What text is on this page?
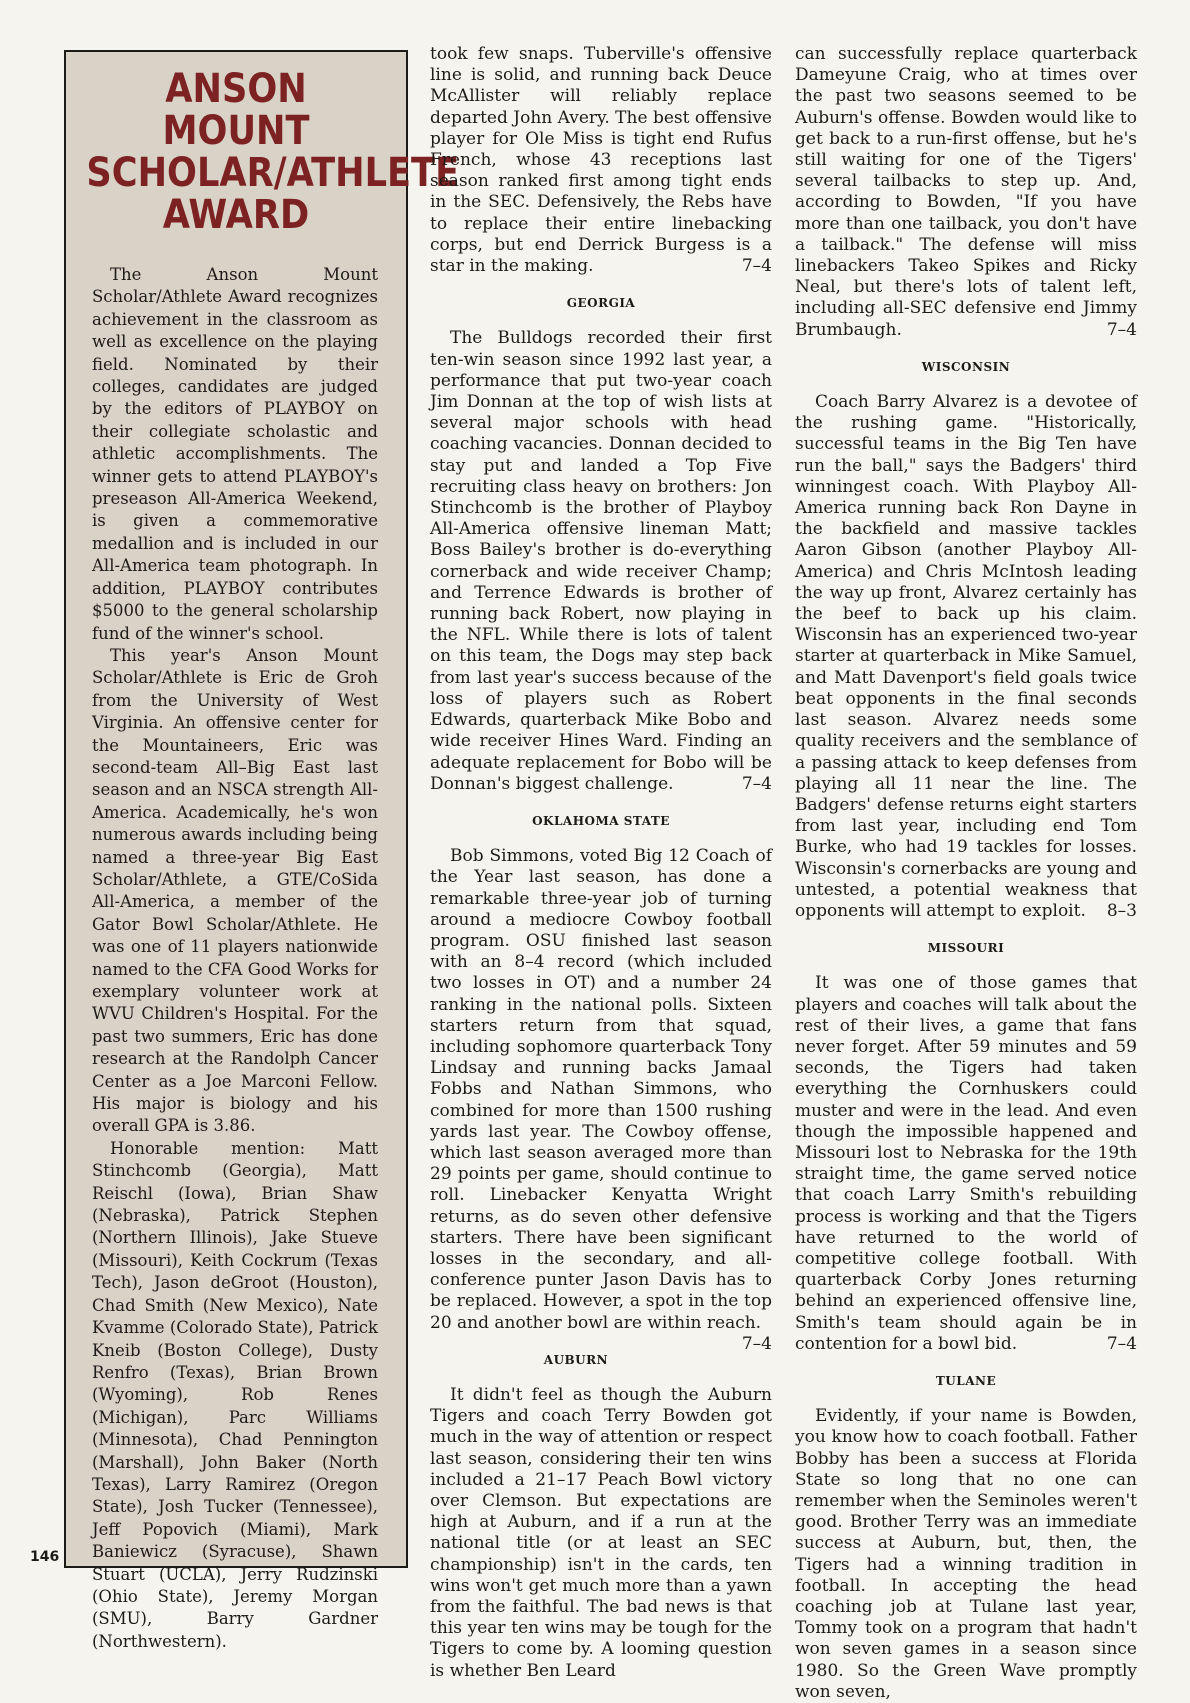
ANSON MOUNT
SCHOLAR/ATHLETE
AWARD

The Anson Mount Scholar/Athlete Award recognizes achievement in the classroom as well as excellence on the playing field. Nominated by their colleges, candidates are judged by the editors of PLAYBOY on their collegiate scholastic and athletic accomplishments. The winner gets to attend PLAYBOY's preseason All-America Weekend, is given a commemorative medallion and is included in our All-America team photograph. In addition, PLAYBOY contributes $5000 to the general scholarship fund of the winner's school.

This year's Anson Mount Scholar/Athlete is Eric de Groh from the University of West Virginia. An offensive center for the Mountaineers, Eric was second-team All–Big East last season and an NSCA strength All-America. Academically, he's won numerous awards including being named a three-year Big East Scholar/Athlete, a GTE/CoSida All-America, a member of the Gator Bowl Scholar/Athlete. He was one of 11 players nationwide named to the CFA Good Works for exemplary volunteer work at WVU Children's Hospital. For the past two summers, Eric has done research at the Randolph Cancer Center as a Joe Marconi Fellow. His major is biology and his overall GPA is 3.86.

Honorable mention: Matt Stinchcomb (Georgia), Matt Reischl (Iowa), Brian Shaw (Nebraska), Patrick Stephen (Northern Illinois), Jake Stueve (Missouri), Keith Cockrum (Texas Tech), Jason deGroot (Houston), Chad Smith (New Mexico), Nate Kvamme (Colorado State), Patrick Kneib (Boston College), Dusty Renfro (Texas), Brian Brown (Wyoming), Rob Renes (Michigan), Parc Williams (Minnesota), Chad Pennington (Marshall), John Baker (North Texas), Larry Ramirez (Oregon State), Josh Tucker (Tennessee), Jeff Popovich (Miami), Mark Baniewicz (Syracuse), Shawn Stuart (UCLA), Jerry Rudzinski (Ohio State), Jeremy Morgan (SMU), Barry Gardner (Northwestern).

146

took few snaps. Tuberville's offensive line is solid, and running back Deuce McAllister will reliably replace departed John Avery. The best offensive player for Ole Miss is tight end Rufus French, whose 43 receptions last season ranked first among tight ends in the SEC. Defensively, the Rebs have to replace their entire linebacking corps, but end Derrick Burgess is a star in the making.	7–4

GEORGIA

The Bulldogs recorded their first ten-win season since 1992 last year, a performance that put two-year coach Jim Donnan at the top of wish lists at several major schools with head coaching vacancies. Donnan decided to stay put and landed a Top Five recruiting class heavy on brothers: Jon Stinchcomb is the brother of Playboy All-America offensive lineman Matt; Boss Bailey's brother is do-everything cornerback and wide receiver Champ; and Terrence Edwards is brother of running back Robert, now playing in the NFL. While there is lots of talent on this team, the Dogs may step back from last year's success because of the loss of players such as Robert Edwards, quarterback Mike Bobo and wide receiver Hines Ward. Finding an adequate replacement for Bobo will be Donnan's biggest challenge.	7–4

OKLAHOMA STATE

Bob Simmons, voted Big 12 Coach of the Year last season, has done a remarkable three-year job of turning around a mediocre Cowboy football program. OSU finished last season with an 8–4 record (which included two losses in OT) and a number 24 ranking in the national polls. Sixteen starters return from that squad, including sophomore quarterback Tony Lindsay and running backs Jamaal Fobbs and Nathan Simmons, who combined for more than 1500 rushing yards last year. The Cowboy offense, which last season averaged more than 29 points per game, should continue to roll. Linebacker Kenyatta Wright returns, as do seven other defensive starters. There have been significant losses in the secondary, and all-conference punter Jason Davis has to be replaced. However, a spot in the top 20 and another bowl are within reach.
7–4

AUBURN

It didn't feel as though the Auburn Tigers and coach Terry Bowden got much in the way of attention or respect last season, considering their ten wins included a 21–17 Peach Bowl victory over Clemson. But expectations are high at Auburn, and if a run at the national title (or at least an SEC championship) isn't in the cards, ten wins won't get much more than a yawn from the faithful. The bad news is that this year ten wins may be tough for the Tigers to come by. A looming question is whether Ben Leard

can successfully replace quarterback Dameyune Craig, who at times over the past two seasons seemed to be Auburn's offense. Bowden would like to get back to a run-first offense, but he's still waiting for one of the Tigers' several tailbacks to step up. And, according to Bowden, "If you have more than one tailback, you don't have a tailback." The defense will miss linebackers Takeo Spikes and Ricky Neal, but there's lots of talent left, including all-SEC defensive end Jimmy Brumbaugh.	7–4

WISCONSIN

Coach Barry Alvarez is a devotee of the rushing game. "Historically, successful teams in the Big Ten have run the ball," says the Badgers' third winningest coach. With Playboy All-America running back Ron Dayne in the backfield and massive tackles Aaron Gibson (another Playboy All-America) and Chris McIntosh leading the way up front, Alvarez certainly has the beef to back up his claim. Wisconsin has an experienced two-year starter at quarterback in Mike Samuel, and Matt Davenport's field goals twice beat opponents in the final seconds last season. Alvarez needs some quality receivers and the semblance of a passing attack to keep defenses from playing all 11 near the line. The Badgers' defense returns eight starters from last year, including end Tom Burke, who had 19 tackles for losses. Wisconsin's cornerbacks are young and untested, a potential weakness that opponents will attempt to exploit.	8–3

MISSOURI

It was one of those games that players and coaches will talk about the rest of their lives, a game that fans never forget. After 59 minutes and 59 seconds, the Tigers had taken everything the Cornhuskers could muster and were in the lead. And even though the impossible happened and Missouri lost to Nebraska for the 19th straight time, the game served notice that coach Larry Smith's rebuilding process is working and that the Tigers have returned to the world of competitive college football. With quarterback Corby Jones returning behind an experienced offensive line, Smith's team should again be in contention for a bowl bid.	7–4

TULANE

Evidently, if your name is Bowden, you know how to coach football. Father Bobby has been a success at Florida State so long that no one can remember when the Seminoles weren't good. Brother Terry was an immediate success at Auburn, but, then, the Tigers had a winning tradition in football. In accepting the head coaching job at Tulane last year, Tommy took on a program that hadn't won seven games in a season since 1980. So the Green Wave promptly won seven,
